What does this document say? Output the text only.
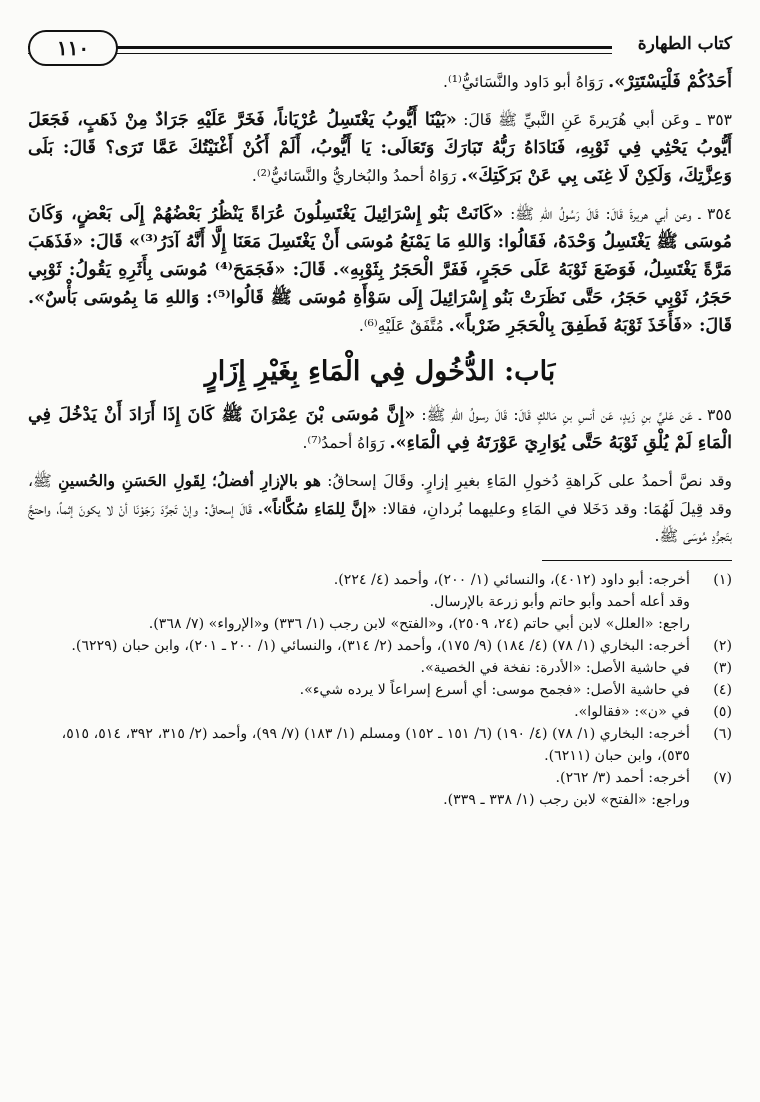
كتاب الطهارة
١١٠

أَحَدُكُمْ فَلْيَسْتَتِرْ». رَوَاهُ أبو دَاود والنَّسَائيُّ⁽¹⁾.

٣٥٣ ـ وعَن أبي هُرَيرةَ عَنِ النَّبيِّ ﷺ قَالَ: «بَيْنَا أَيُّوبُ يَغْتَسِلُ عُرْيَاناً، فَخَرَّ عَلَيْهِ جَرَادٌ مِنْ ذَهَبٍ، فَجَعَلَ أَيُّوبُ يَحْثِي فِي ثَوْبِهِ، فَنَادَاهُ رَبُّهُ تَبَارَكَ وَتَعَالَى: يَا أَيُّوبُ، أَلَمْ أَكُنْ أَغْنَيْتُكَ عَمَّا تَرَى؟ قَالَ: بَلَى وَعِزَّتِكَ، وَلَكِنْ لَا غِنَى بِي عَنْ بَرَكَتِكَ». رَوَاهُ أحمدُ والبُخاريُّ والنَّسَائيُّ⁽²⁾.

٣٥٤ ـ وعن أبي هريرةَ قَالَ: قَالَ رَسُولُ اللهِ ﷺ: «كَانَتْ بَنُو إِسْرَائِيلَ يَغْتَسِلُونَ عُرَاةً يَنْظُرُ بَعْضُهُمْ إِلَى بَعْضٍ، وَكَانَ مُوسَى ﷺ يَغْتَسِلُ وَحْدَهُ، فَقَالُوا: وَاللهِ مَا يَمْنَعُ مُوسَى أَنْ يَغْتَسِلَ مَعَنَا إِلَّا أَنَّهُ آدَرُ⁽³⁾» قَالَ: «فَذَهَبَ مَرَّةً يَغْتَسِلُ، فَوَضَعَ ثَوْبَهُ عَلَى حَجَرٍ، فَفَرَّ الْحَجَرُ بِثَوْبِهِ». قَالَ: «فَجَمَحَ⁽⁴⁾ مُوسَى بِأَثَرِهِ يَقُولُ: ثَوْبِي حَجَرُ، ثَوْبِي حَجَرُ، حَتَّى نَظَرَتْ بَنُو إِسْرَائِيلَ إِلَى سَوْأَةِ مُوسَى ﷺ قَالُوا⁽⁵⁾: وَاللهِ مَا بِمُوسَى بَأْسٌ». قَالَ: «فَأَخَذَ ثَوْبَهُ فَطَفِقَ بِالْحَجَرِ ضَرْباً». مُتَّفَقٌ عَلَيْهِ⁽⁶⁾.

بَاب: الدُّخُول فِي الْمَاءِ بِغَيْرِ إِزَارٍ

٣٥٥ ـ عَن عَليِّ بنِ زَيدٍ، عَن أنسِ بنِ مَالكٍ قَالَ: قَالَ رسولُ اللهِ ﷺ: «إِنَّ مُوسَى بْنَ عِمْرَانَ ﷺ كَانَ إِذَا أَرَادَ أَنْ يَدْخُلَ فِي الْمَاءِ لَمْ يُلْقِ ثَوْبَهُ حَتَّى يُوَارِيَ عَوْرَتَهُ فِي الْمَاءِ». رَوَاهُ أحمدُ⁽⁷⁾.

وقد نصَّ أحمدُ على كَراهةِ دُخولِ المَاءِ بغيرِ إزارٍ. وقَالَ إسحاقُ: هو بالإزارِ أفضلُ؛ لِقَولِ الحَسَنِ والحُسينِ ﷺ، وقد قِيلَ لَهُمَا: وقد دَخَلا في المَاءِ وعليهما بُردانِ، فقالا: «إنَّ لِلمَاءِ سُكَّاناً». قَالَ إسحاقُ: وإنْ تَجرَّدَ رَجَوْنَا أنْ لا يكونَ إثماً، واحتجَّ بتَجرُّدِ مُوسَى ﷺ.

(١)
أخرجه: أبو داود (٤٠١٢)، والنسائي (١/ ٢٠٠)، وأحمد (٤/ ٢٢٤).
وقد أعله أحمد وأبو حاتم وأبو زرعة بالإرسال.
راجع: «العلل» لابن أبي حاتم (٢٤، ٢٥٠٩)، و«الفتح» لابن رجب (١/ ٣٣٦) و«الإرواء» (٧/ ٣٦٨).
(٢)
أخرجه: البخاري (١/ ٧٨) (٤/ ١٨٤) (٩/ ١٧٥)، وأحمد (٢/ ٣١٤)، والنسائي (١/ ٢٠٠ ـ ٢٠١)، وابن حبان (٦٢٢٩).
(٣)
في حاشية الأصل: «الأدرة: نفخة في الخصية».
(٤)
في حاشية الأصل: «فجمح موسى: أي أسرع إسراعاً لا يرده شيء».
(٥)
في «ن»: «فقالوا».
(٦)
أخرجه: البخاري (١/ ٧٨) (٤/ ١٩٠) (٦/ ١٥١ ـ ١٥٢) ومسلم (١/ ١٨٣) (٧/ ٩٩)، وأحمد (٢/ ٣١٥، ٣٩٢، ٥١٤، ٥١٥، ٥٣٥)، وابن حبان (٦٢١١).
(٧)
أخرجه: أحمد (٣/ ٢٦٢).
وراجع: «الفتح» لابن رجب (١/ ٣٣٨ ـ ٣٣٩).
